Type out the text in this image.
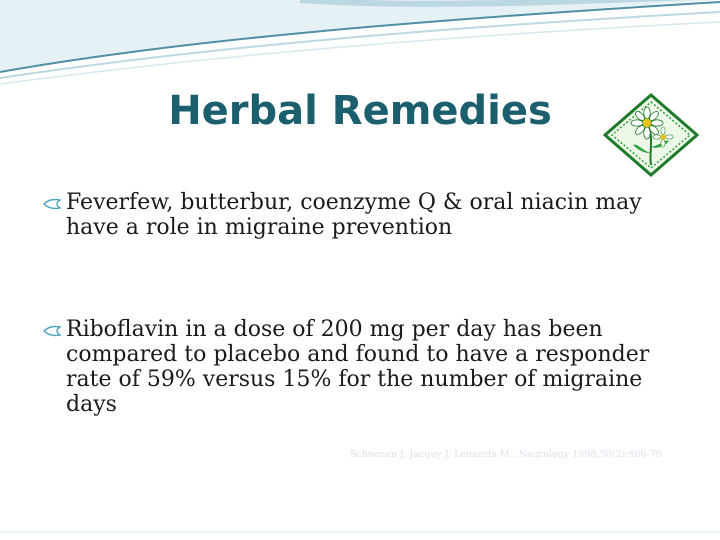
Herbal Remedies
Feverfew, butterbur, coenzyme Q & oral niacin may have a role in migraine prevention
Riboflavin in a dose of 200 mg per day has been compared to placebo and found to have a responder rate of 59% versus 15% for the number of migraine days
Schoenen J, Jacquy J, Lenaerts M.; Neurology 1998;50(2):466-70
